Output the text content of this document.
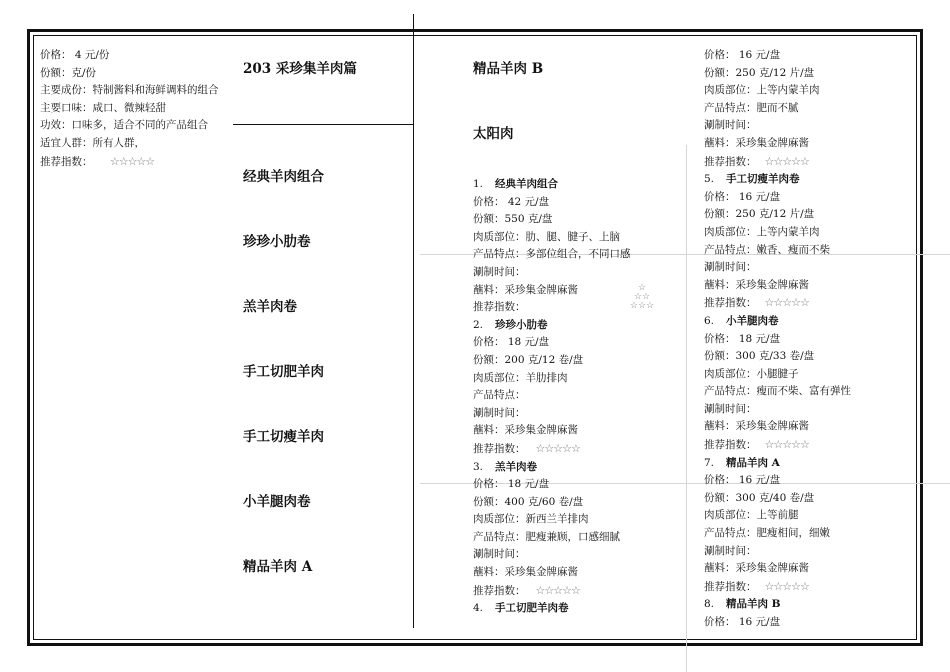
价格： 4 元/份
份额：克/份
主要成份：特制酱料和海鲜调料的组合
主要口味：咸口、微辣轻甜
功效：口味多，适合不同的产品组合
适宜人群：所有人群，
推荐指数： ☆☆☆☆☆
203 采珍集羊肉篇
经典羊肉组合
珍珍小肋卷
羔羊肉卷
手工切肥羊肉
手工切瘦羊肉
小羊腿肉卷
精品羊肉 A
精品羊肉 B
太阳肉
☆
☆☆
☆☆☆
1. 经典羊肉组合
价格： 42 元/盘
份额：550 克/盘
肉质部位：肋、腿、腱子、上脑
产品特点：多部位组合，不同口感
涮制时间：
蘸料：采珍集金牌麻酱
推荐指数：
2. 珍珍小肋卷
价格： 18 元/盘
份额：200 克/12 卷/盘
肉质部位：羊肋排肉
产品特点：
涮制时间：
蘸料：采珍集金牌麻酱
推荐指数： ☆☆☆☆☆
3. 羔羊肉卷
价格： 18 元/盘
份额：400 克/60 卷/盘
肉质部位：新西兰羊排肉
产品特点：肥瘦兼顾，口感细腻
涮制时间：
蘸料：采珍集金牌麻酱
推荐指数： ☆☆☆☆☆
4. 手工切肥羊肉卷
价格： 16 元/盘
份额：250 克/12 片/盘
肉质部位：上等内蒙羊肉
产品特点：肥而不腻
涮制时间：
蘸料：采珍集金牌麻酱
推荐指数： ☆☆☆☆☆
5. 手工切瘦羊肉卷
价格： 16 元/盘
份额：250 克/12 片/盘
肉质部位：上等内蒙羊肉
产品特点：嫩香、瘦而不柴
涮制时间：
蘸料：采珍集金牌麻酱
推荐指数： ☆☆☆☆☆
6. 小羊腿肉卷
价格： 18 元/盘
份额：300 克/33 卷/盘
肉质部位：小腿腱子
产品特点：瘦而不柴、富有弹性
涮制时间：
蘸料：采珍集金牌麻酱
推荐指数： ☆☆☆☆☆
7. 精品羊肉 A
价格： 16 元/盘
份额：300 克/40 卷/盘
肉质部位：上等前腿
产品特点：肥瘦相间，细嫩
涮制时间：
蘸料：采珍集金牌麻酱
推荐指数： ☆☆☆☆☆
8. 精品羊肉 B
价格： 16 元/盘
